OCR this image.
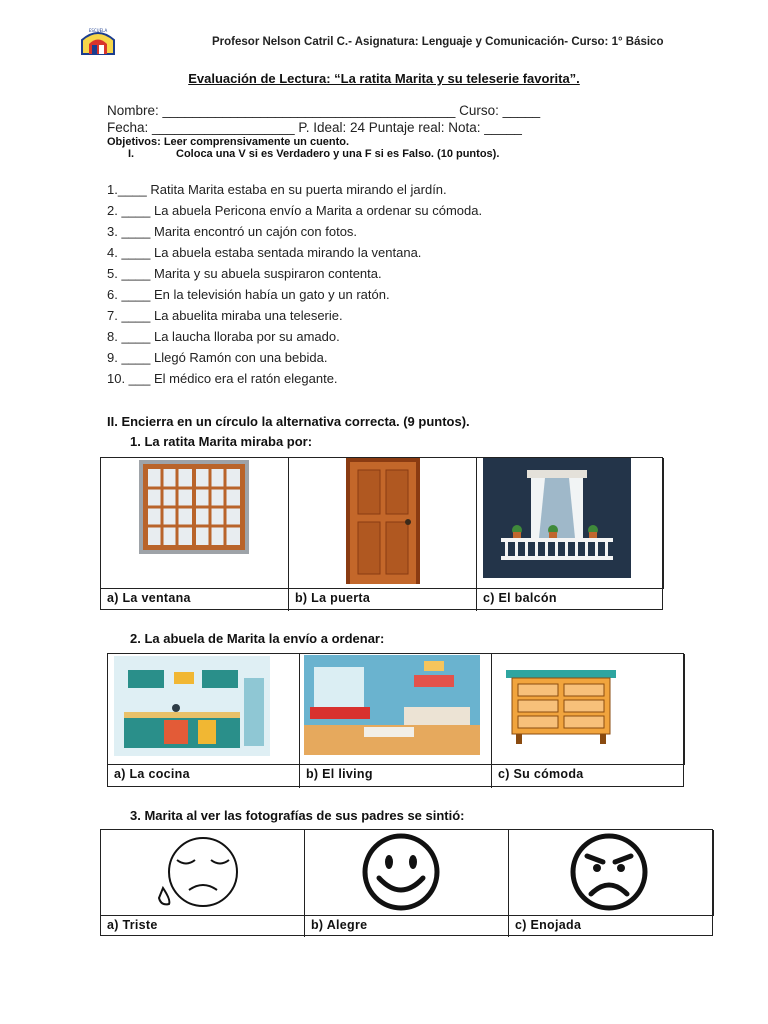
ESCUELA
Profesor Nelson Catril C.- Asignatura: Lenguaje y Comunicación- Curso: 1° Básico
Evaluación de Lectura: “La ratita Marita y su teleserie favorita”.
Nombre: _______________________________________ Curso: _____
Fecha: ___________________ P. Ideal: 24 Puntaje real: Nota: _____
Objetivos: Leer comprensivamente un cuento.
I.	Coloca una V si es Verdadero y una F si es Falso. (10 puntos).
1.____ Ratita Marita estaba en su puerta mirando el jardín.
2. ____ La abuela Pericona envío a Marita a ordenar su cómoda.
3. ____ Marita encontró un cajón con fotos.
4. ____ La abuela estaba sentada mirando la ventana.
5. ____ Marita y su abuela suspiraron contenta.
6. ____ En la televisión había un gato y un ratón.
7. ____ La abuelita miraba una teleserie.
8. ____ La laucha lloraba por su amado.
9. ____ Llegó Ramón con una bebida.
10. ___ El médico era el ratón elegante.
II. Encierra en un círculo la alternativa correcta. (9 puntos).
1. La ratita Marita miraba por:
a) La ventana	b) La puerta	c) El balcón
2. La abuela de Marita la envío a ordenar:
a) La cocina	b) El living	c) Su cómoda
3. Marita al ver las fotografías de sus padres se sintió:
a) Triste	b) Alegre	c) Enojada
